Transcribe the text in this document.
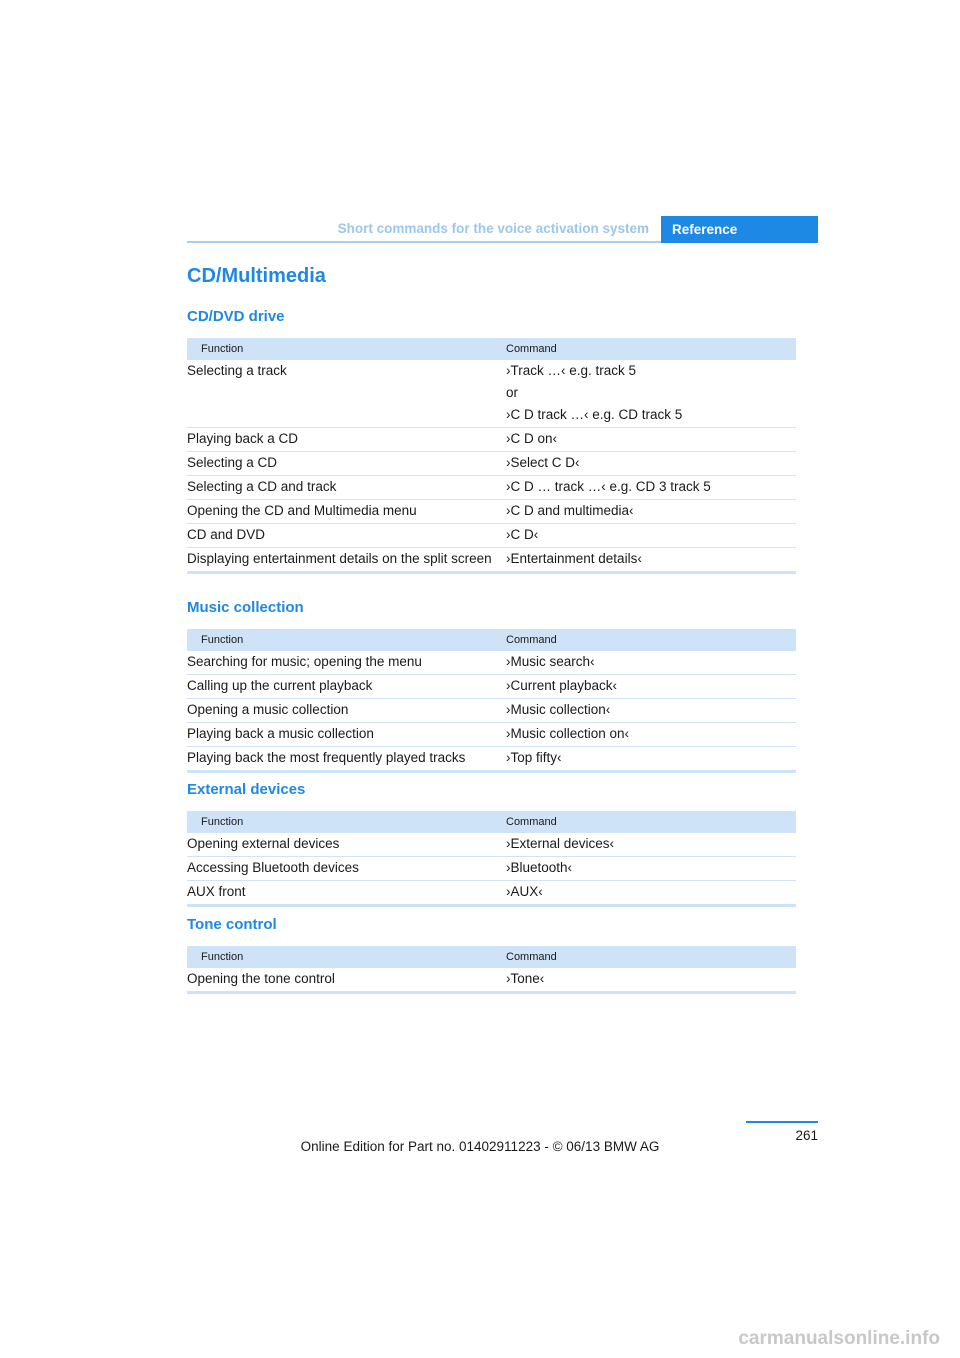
Short commands for the voice activation system	Reference
CD/Multimedia
CD/DVD drive
Function	Command
Selecting a track	›Track …‹ e.g. track 5
or
›C D track …‹ e.g. CD track 5
Playing back a CD	›C D on‹
Selecting a CD	›Select C D‹
Selecting a CD and track	›C D … track …‹ e.g. CD 3 track 5
Opening the CD and Multimedia menu	›C D and multimedia‹
CD and DVD	›C D‹
Displaying entertainment details on the split screen	›Entertainment details‹
Music collection
Function	Command
Searching for music; opening the menu	›Music search‹
Calling up the current playback	›Current playback‹
Opening a music collection	›Music collection‹
Playing back a music collection	›Music collection on‹
Playing back the most frequently played tracks	›Top fifty‹
External devices
Function	Command
Opening external devices	›External devices‹
Accessing Bluetooth devices	›Bluetooth‹
AUX front	›AUX‹
Tone control
Function	Command
Opening the tone control	›Tone‹
261
Online Edition for Part no. 01402911223 - © 06/13 BMW AG
carmanualsonline.info
